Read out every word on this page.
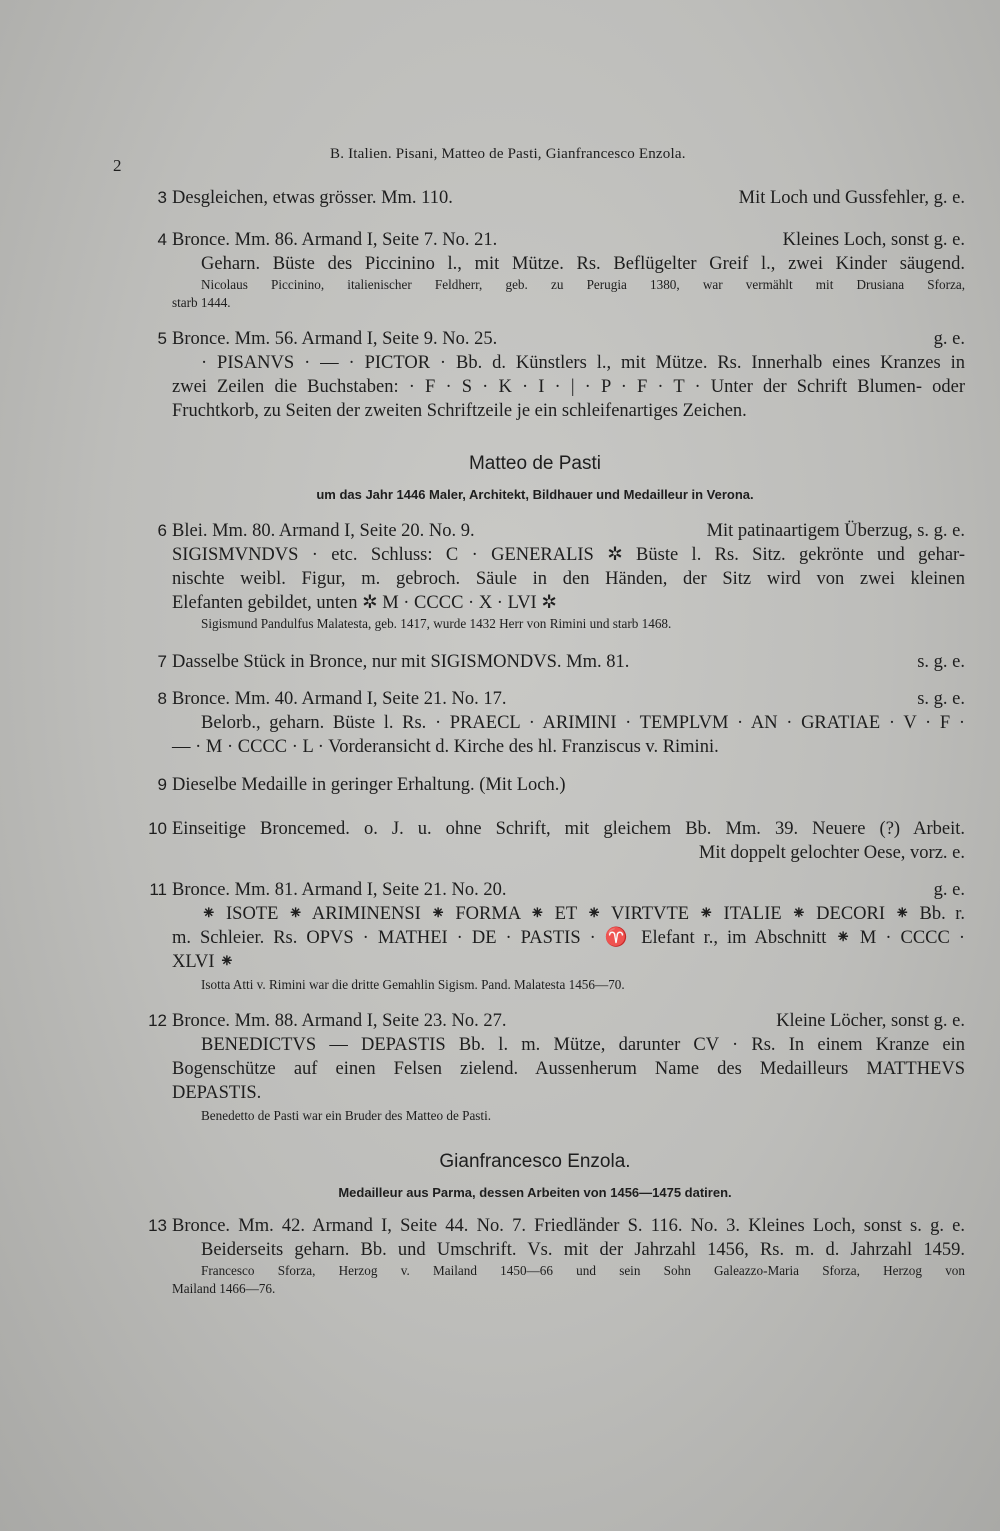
2
B. Italien. Pisani, Matteo de Pasti, Gianfrancesco Enzola.
3 Desgleichen, etwas grösser. Mm. 110.	Mit Loch und Gussfehler, g. e.
4 Bronce. Mm. 86. Armand I, Seite 7. No. 21.	Kleines Loch, sonst g. e.
Geharn. Büste des Piccinino l., mit Mütze. Rs. Beflügelter Greif l., zwei Kinder säugend.
Nicolaus Piccinino, italienischer Feldherr, geb. zu Perugia 1380, war vermählt mit Drusiana Sforza,
starb 1444.
5 Bronce. Mm. 56. Armand I, Seite 9. No. 25.	g. e.
· PISANVS · — · PICTOR · Bb. d. Künstlers l., mit Mütze. Rs. Innerhalb eines Kranzes in
zwei Zeilen die Buchstaben: · F · S · K · I · | · P · F · T · Unter der Schrift Blumen- oder
Fruchtkorb, zu Seiten der zweiten Schriftzeile je ein schleifenartiges Zeichen.
Matteo de Pasti
um das Jahr 1446 Maler, Architekt, Bildhauer und Medailleur in Verona.
6 Blei. Mm. 80. Armand I, Seite 20. No. 9.	Mit patinaartigem Überzug, s. g. e.
SIGISMVNDVS · etc. Schluss: C · GENERALIS ✲ Büste l. Rs. Sitz. gekrönte und gehar-
nischte weibl. Figur, m. gebroch. Säule in den Händen, der Sitz wird von zwei kleinen
Elefanten gebildet, unten ✲ M · CCCC · X · LVI ✲
Sigismund Pandulfus Malatesta, geb. 1417, wurde 1432 Herr von Rimini und starb 1468.
7 Dasselbe Stück in Bronce, nur mit SIGISMONDVS. Mm. 81.	s. g. e.
8 Bronce. Mm. 40. Armand I, Seite 21. No. 17.	s. g. e.
Belorb., geharn. Büste l. Rs. · PRAECL · ARIMINI · TEMPLVM · AN · GRATIAE · V · F ·
— · M · CCCC · L · Vorderansicht d. Kirche des hl. Franziscus v. Rimini.
9 Dieselbe Medaille in geringer Erhaltung. (Mit Loch.)
10 Einseitige Broncemed. o. J. u. ohne Schrift, mit gleichem Bb. Mm. 39. Neuere (?) Arbeit.
Mit doppelt gelochter Oese, vorz. e.
11 Bronce. Mm. 81. Armand I, Seite 21. No. 20.	g. e.
⁕ ISOTE ⁕ ARIMINENSI ⁕ FORMA ⁕ ET ⁕ VIRTVTE ⁕ ITALIE ⁕ DECORI ⁕ Bb. r.
m. Schleier. Rs. OPVS · MATHEI · DE · PASTIS · ♈ Elefant r., im Abschnitt ⁕ M · CCCC ·
XLVI ⁕
Isotta Atti v. Rimini war die dritte Gemahlin Sigism. Pand. Malatesta 1456—70.
12 Bronce. Mm. 88. Armand I, Seite 23. No. 27.	Kleine Löcher, sonst g. e.
BENEDICTVS — DEPASTIS Bb. l. m. Mütze, darunter CV · Rs. In einem Kranze ein
Bogenschütze auf einen Felsen zielend. Aussenherum Name des Medailleurs MATTHEVS
DEPASTIS.
Benedetto de Pasti war ein Bruder des Matteo de Pasti.
Gianfrancesco Enzola.
Medailleur aus Parma, dessen Arbeiten von 1456—1475 datiren.
13 Bronce. Mm. 42. Armand I, Seite 44. No. 7. Friedländer S. 116. No. 3. Kleines Loch, sonst s. g. e.
Beiderseits geharn. Bb. und Umschrift. Vs. mit der Jahrzahl 1456, Rs. m. d. Jahrzahl 1459.
Francesco Sforza, Herzog v. Mailand 1450—66 und sein Sohn Galeazzo-Maria Sforza, Herzog von
Mailand 1466—76.
